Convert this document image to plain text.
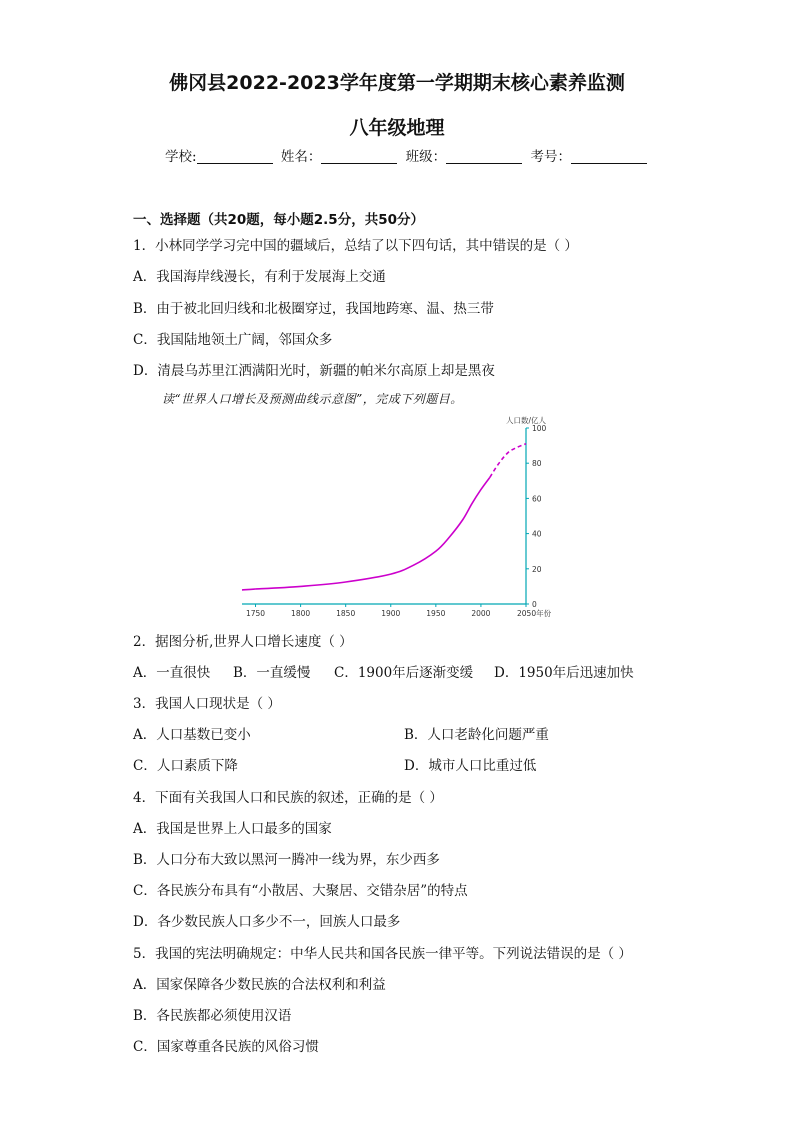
佛冈县2022-2023学年度第一学期期末核心素养监测
八年级地理
学校:	姓名：	班级：	考号：
一、选择题（共20题，每小题2.5分，共50分）
1．小林同学学习完中国的疆域后，总结了以下四句话，其中错误的是（ ）
A．我国海岸线漫长，有利于发展海上交通
B．由于被北回归线和北极圈穿过，我国地跨寒、温、热三带
C．我国陆地领土广阔，邻国众多
D．清晨乌苏里江洒满阳光时，新疆的帕米尔高原上却是黑夜
读“世界人口增长及预测曲线示意图”，完成下列题目。
人口数/亿人
1750	1800	1850	1900	1950	2000	2050年份
0
20
40
60
80
100
2．据图分析,世界人口增长速度（ ）
A．一直很快 B．一直缓慢 C．1900年后逐渐变缓 D．1950年后迅速加快
3．我国人口现状是（ ）
A．人口基数已变小	B．人口老龄化问题严重
C．人口素质下降	D．城市人口比重过低
4．下面有关我国人口和民族的叙述，正确的是（ ）
A．我国是世界上人口最多的国家
B．人口分布大致以黑河一腾冲一线为界，东少西多
C．各民族分布具有“小散居、大聚居、交错杂居”的特点
D．各少数民族人口多少不一，回族人口最多
5．我国的宪法明确规定：中华人民共和国各民族一律平等。下列说法错误的是（ ）
A．国家保障各少数民族的合法权利和利益
B．各民族都必须使用汉语
C．国家尊重各民族的风俗习惯
